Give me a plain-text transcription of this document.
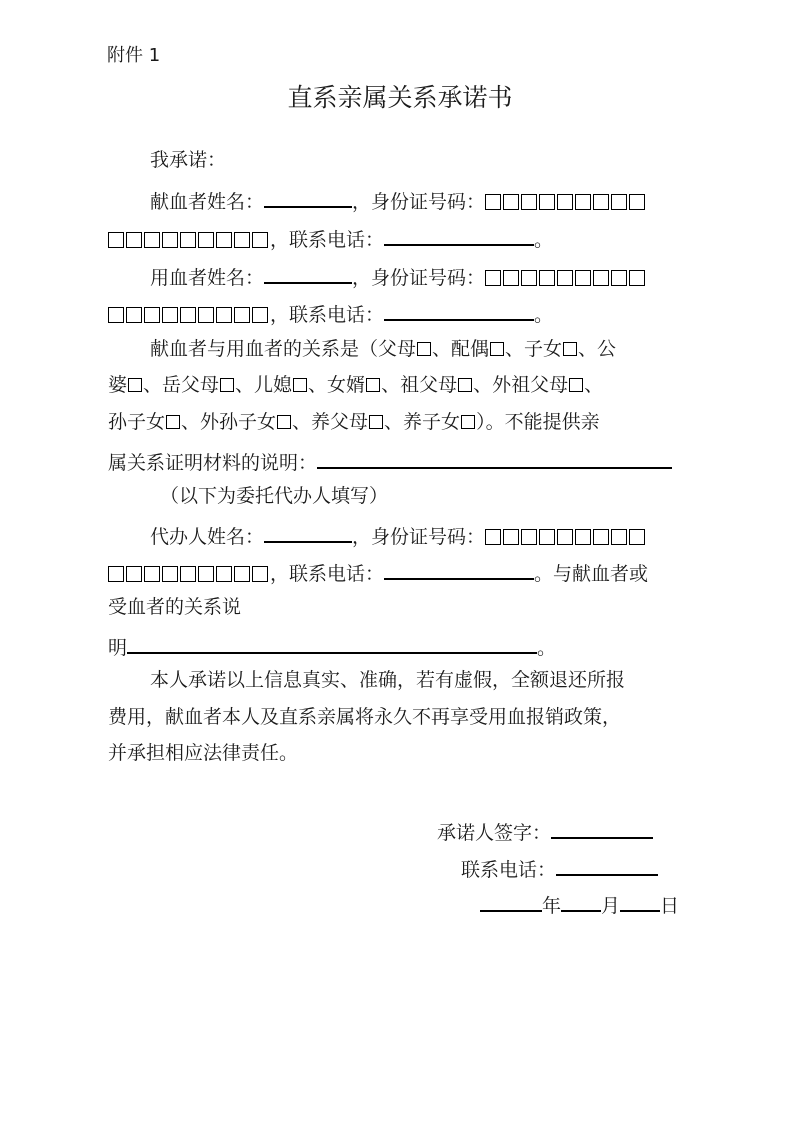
附件 1
直系亲属关系承诺书
我承诺：
献血者姓名：	，身份证号码：
，联系电话：	。
用血者姓名：	，身份证号码：
，联系电话：	。
献血者与用血者的关系是（父母 、配偶 、子女 、公
婆 、岳父母 、儿媳 、女婿 、祖父母 、外祖父母 、
孙子女 、外孙子女 、养父母 、养子女 ）。不能提供亲
属关系证明材料的说明：
（以下为委托代办人填写）
代办人姓名：	，身份证号码：
，联系电话：	。与献血者或
受血者的关系说
明	。
本人承诺以上信息真实、准确，若有虚假，全额退还所报
费用，献血者本人及直系亲属将永久不再享受用血报销政策，
并承担相应法律责任。
承诺人签字：
联系电话：
年 月 日
